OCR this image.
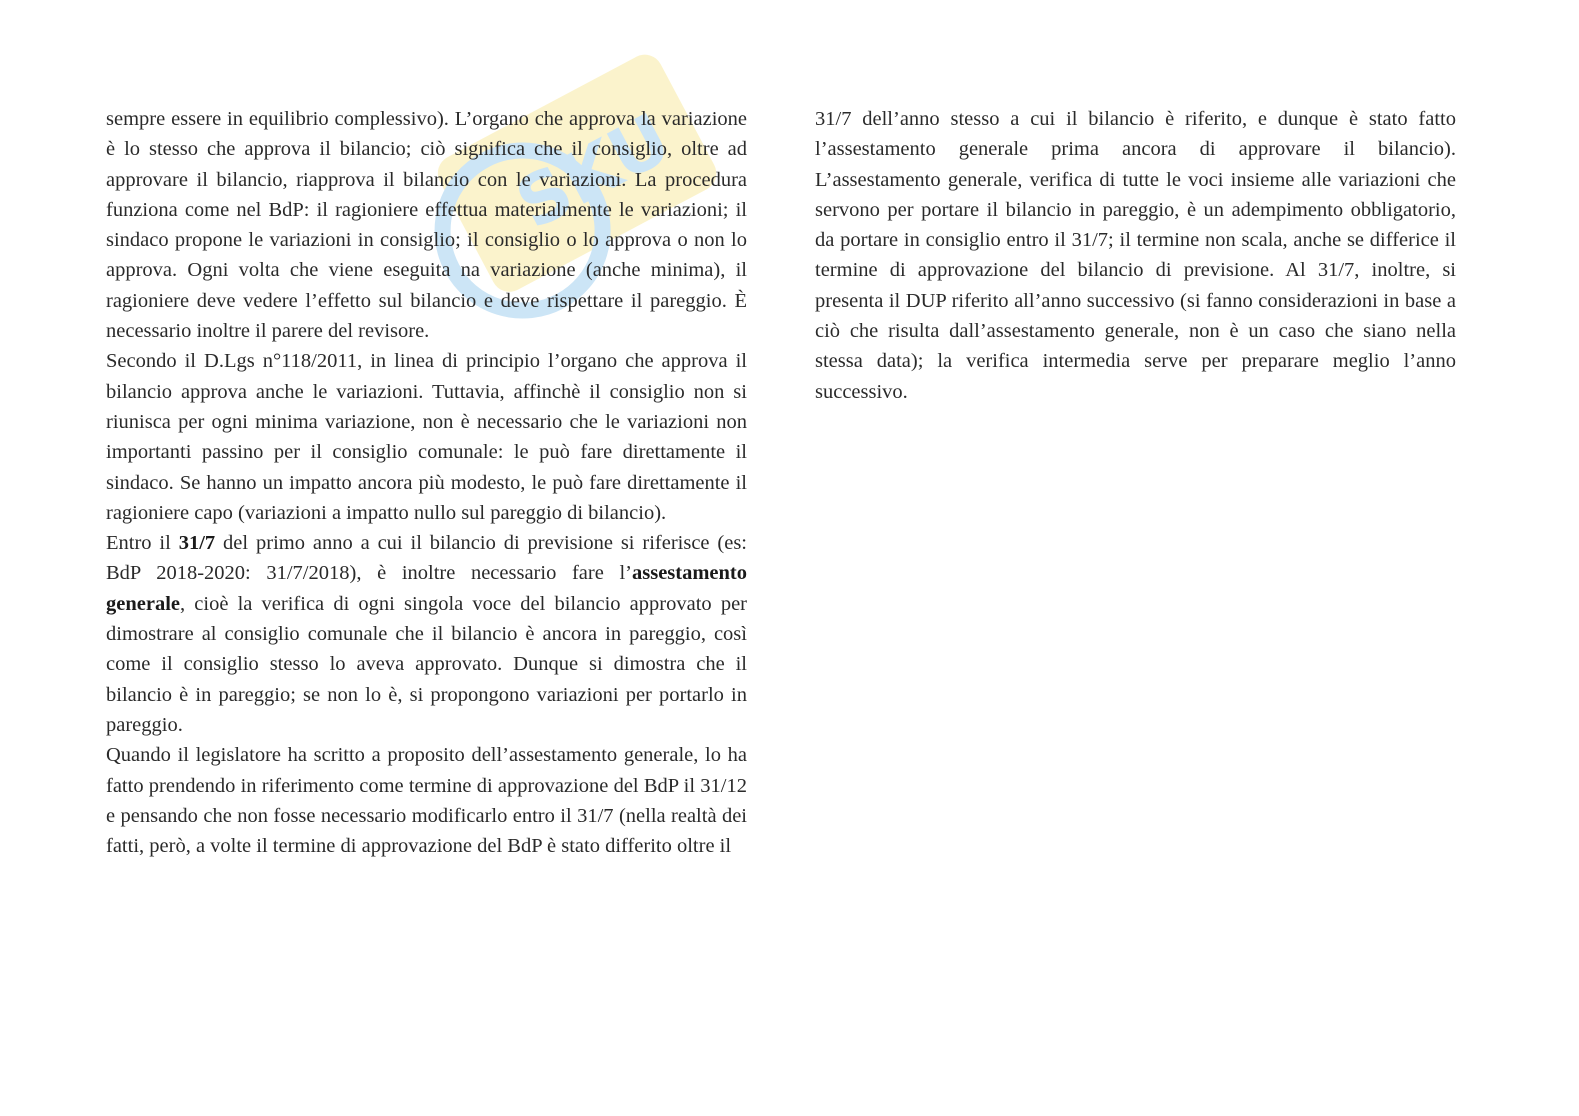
SKU

sempre essere in equilibrio complessivo). L’organo che approva la variazione è lo stesso che approva il bilancio; ciò significa che il consiglio, oltre ad approvare il bilancio, riapprova il bilancio con le variazioni. La procedura funziona come nel BdP: il ragioniere effettua materialmente le variazioni; il sindaco propone le variazioni in consiglio; il consiglio o lo approva o non lo approva. Ogni volta che viene eseguita na variazione (anche minima), il ragioniere deve vedere l’effetto sul bilancio e deve rispettare il pareggio. È necessario inoltre il parere del revisore.

Secondo il D.Lgs n°118/2011, in linea di principio l’organo che approva il bilancio approva anche le variazioni. Tuttavia, affinchè il consiglio non si riunisca per ogni minima variazione, non è necessario che le variazioni non importanti passino per il consiglio comunale: le può fare direttamente il sindaco. Se hanno un impatto ancora più modesto, le può fare direttamente il ragioniere capo (variazioni a impatto nullo sul pareggio di bilancio).

Entro il 31/7 del primo anno a cui il bilancio di previsione si riferisce (es: BdP 2018-2020: 31/7/2018), è inoltre necessario fare l’assestamento generale, cioè la verifica di ogni singola voce del bilancio approvato per dimostrare al consiglio comunale che il bilancio è ancora in pareggio, così come il consiglio stesso lo aveva approvato. Dunque si dimostra che il bilancio è in pareggio; se non lo è, si propongono variazioni per portarlo in pareggio.

Quando il legislatore ha scritto a proposito dell’assestamento generale, lo ha fatto prendendo in riferimento come termine di approvazione del BdP il 31/12 e pensando che non fosse necessario modificarlo entro il 31/7 (nella realtà dei fatti, però, a volte il termine di approvazione del BdP è stato differito oltre il

31/7 dell’anno stesso a cui il bilancio è riferito, e dunque è stato fatto l’assestamento generale prima ancora di approvare il bilancio). L’assestamento generale, verifica di tutte le voci insieme alle variazioni che servono per portare il bilancio in pareggio, è un adempimento obbligatorio, da portare in consiglio entro il 31/7; il termine non scala, anche se differice il termine di approvazione del bilancio di previsione. Al 31/7, inoltre, si presenta il DUP riferito all’anno successivo (si fanno considerazioni in base a ciò che risulta dall’assestamento generale, non è un caso che siano nella stessa data); la verifica intermedia serve per preparare meglio l’anno successivo.
